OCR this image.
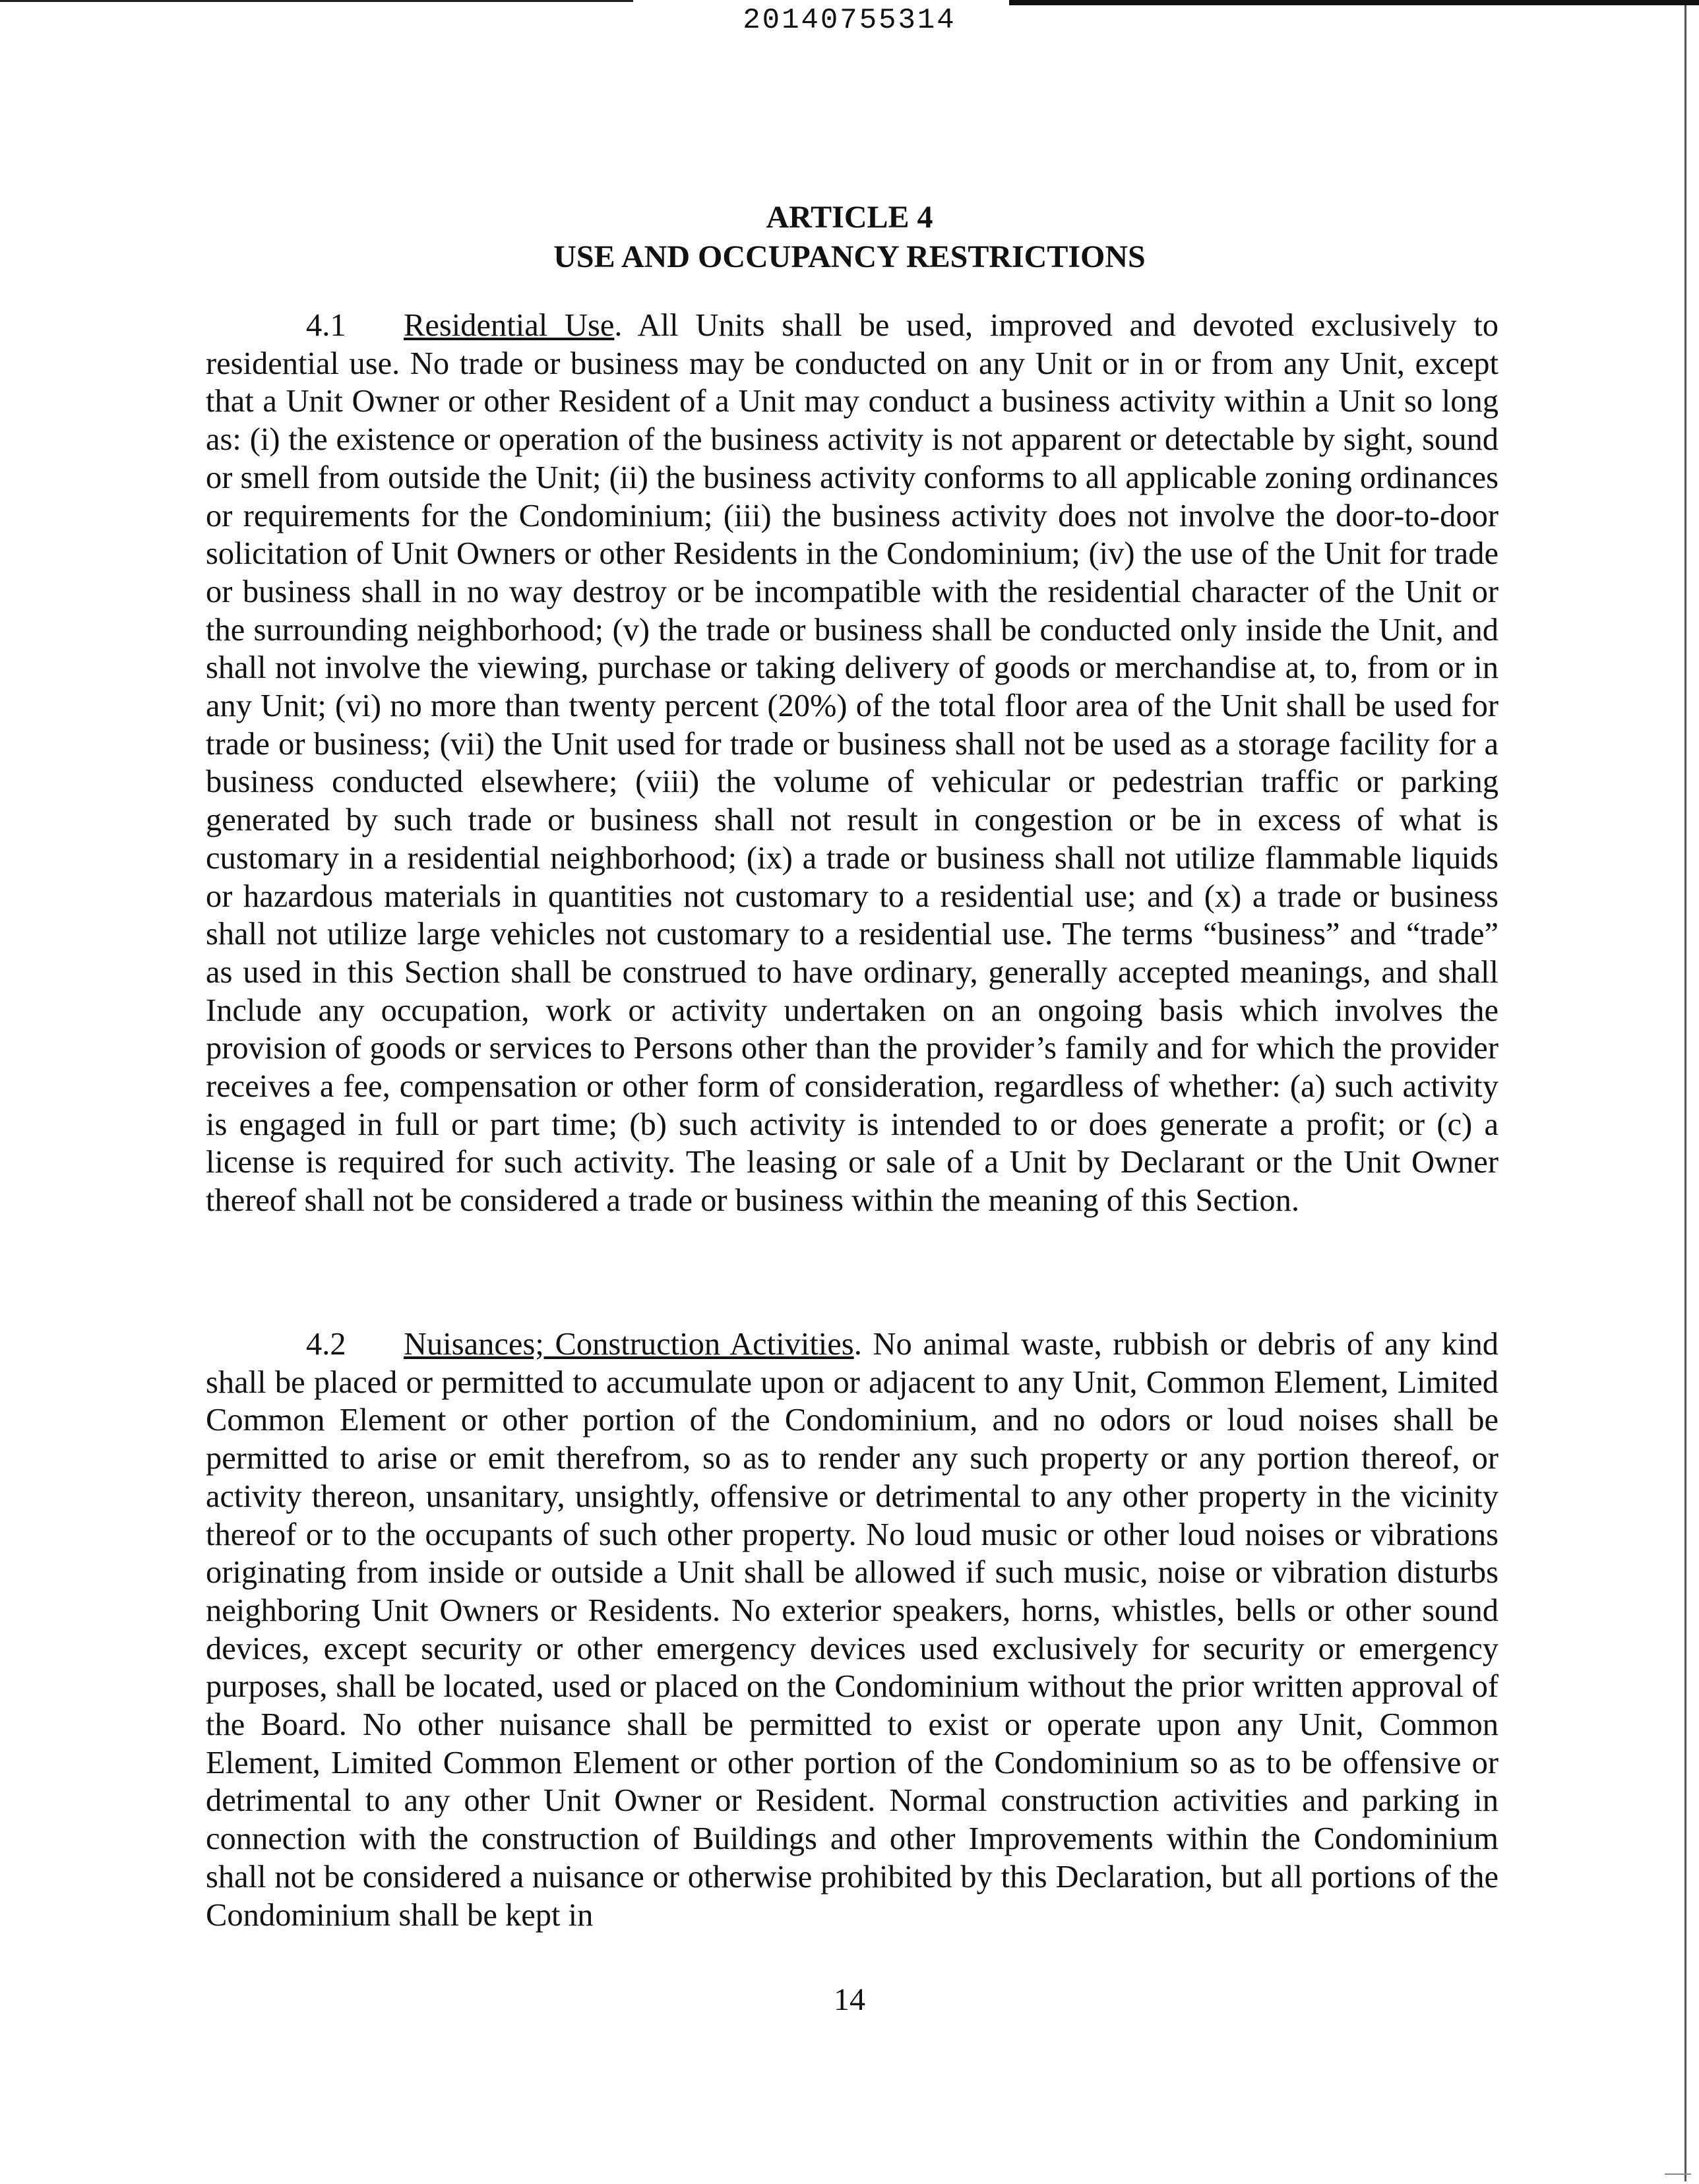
20140755314
ARTICLE 4
USE AND OCCUPANCY RESTRICTIONS
4.1 Residential Use. All Units shall be used, improved and devoted exclusively to residential use. No trade or business may be conducted on any Unit or in or from any Unit, except that a Unit Owner or other Resident of a Unit may conduct a business activity within a Unit so long as: (i) the existence or operation of the business activity is not apparent or detectable by sight, sound or smell from outside the Unit; (ii) the business activity conforms to all applicable zoning ordinances or requirements for the Condominium; (iii) the business activity does not involve the door-to-door solicitation of Unit Owners or other Residents in the Condominium; (iv) the use of the Unit for trade or business shall in no way destroy or be incompatible with the residential character of the Unit or the surrounding neighborhood; (v) the trade or business shall be conducted only inside the Unit, and shall not involve the viewing, purchase or taking delivery of goods or merchandise at, to, from or in any Unit; (vi) no more than twenty percent (20%) of the total floor area of the Unit shall be used for trade or business; (vii) the Unit used for trade or business shall not be used as a storage facility for a business conducted elsewhere; (viii) the volume of vehicular or pedestrian traffic or parking generated by such trade or business shall not result in congestion or be in excess of what is customary in a residential neighborhood; (ix) a trade or business shall not utilize flammable liquids or hazardous materials in quantities not customary to a residential use; and (x) a trade or business shall not utilize large vehicles not customary to a residential use. The terms “business” and “trade” as used in this Section shall be construed to have ordinary, generally accepted meanings, and shall Include any occupation, work or activity undertaken on an ongoing basis which involves the provision of goods or services to Persons other than the provider’s family and for which the provider receives a fee, compensation or other form of consideration, regardless of whether: (a) such activity is engaged in full or part time; (b) such activity is intended to or does generate a profit; or (c) a license is required for such activity. The leasing or sale of a Unit by Declarant or the Unit Owner thereof shall not be considered a trade or business within the meaning of this Section.
4.2 Nuisances; Construction Activities. No animal waste, rubbish or debris of any kind shall be placed or permitted to accumulate upon or adjacent to any Unit, Common Element, Limited Common Element or other portion of the Condominium, and no odors or loud noises shall be permitted to arise or emit therefrom, so as to render any such property or any portion thereof, or activity thereon, unsanitary, unsightly, offensive or detrimental to any other property in the vicinity thereof or to the occupants of such other property. No loud music or other loud noises or vibrations originating from inside or outside a Unit shall be allowed if such music, noise or vibration disturbs neighboring Unit Owners or Residents. No exterior speakers, horns, whistles, bells or other sound devices, except security or other emergency devices used exclusively for security or emergency purposes, shall be located, used or placed on the Condominium without the prior written approval of the Board. No other nuisance shall be permitted to exist or operate upon any Unit, Common Element, Limited Common Element or other portion of the Condominium so as to be offensive or detrimental to any other Unit Owner or Resident. Normal construction activities and parking in connection with the construction of Buildings and other Improvements within the Condominium shall not be considered a nuisance or otherwise prohibited by this Declaration, but all portions of the Condominium shall be kept in
14
